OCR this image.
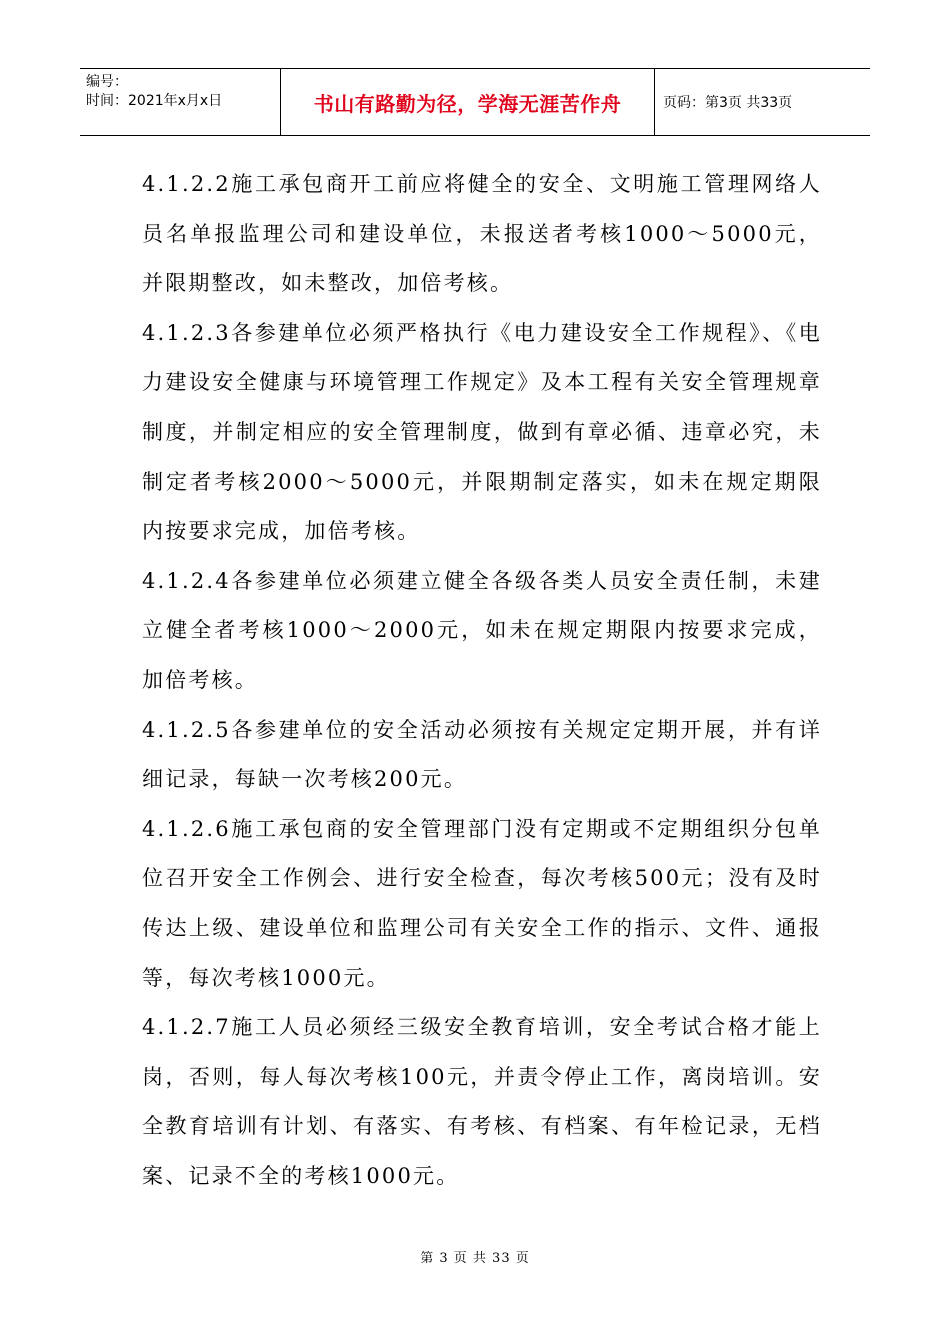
编号：
时间：2021年x月x日	书山有路勤为径，学海无涯苦作舟	页码：第3页 共33页

4.1.2.2施工承包商开工前应将健全的安全、文明施工管理网络人员名单报监理公司和建设单位，未报送者考核1000～5000元，并限期整改，如未整改，加倍考核。

4.1.2.3各参建单位必须严格执行《电力建设安全工作规程》、《电力建设安全健康与环境管理工作规定》及本工程有关安全管理规章制度，并制定相应的安全管理制度，做到有章必循、违章必究，未制定者考核2000～5000元，并限期制定落实，如未在规定期限内按要求完成，加倍考核。

4.1.2.4各参建单位必须建立健全各级各类人员安全责任制，未建立健全者考核1000～2000元，如未在规定期限内按要求完成，加倍考核。

4.1.2.5各参建单位的安全活动必须按有关规定定期开展，并有详细记录，每缺一次考核200元。

4.1.2.6施工承包商的安全管理部门没有定期或不定期组织分包单位召开安全工作例会、进行安全检查，每次考核500元；没有及时传达上级、建设单位和监理公司有关安全工作的指示、文件、通报等，每次考核1000元。

4.1.2.7施工人员必须经三级安全教育培训，安全考试合格才能上岗，否则，每人每次考核100元，并责令停止工作，离岗培训。安全教育培训有计划、有落实、有考核、有档案、有年检记录，无档案、记录不全的考核1000元。

第 3 页 共 33 页
